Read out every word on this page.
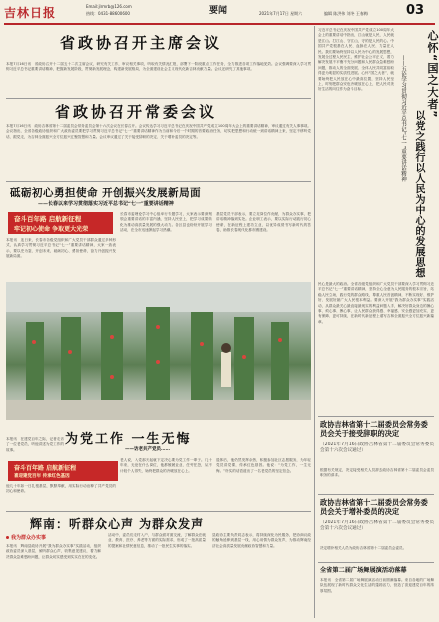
吉林日报	Email:jlrmrb@126.com
热线：0431-88600600	要闻	2021年7月17日 星期六	编辑 陈洪伟 刘冬 王春梅	03
省政协召开主席会议
本报7月16日讯　省政协召开十二届五十二次主席会议，研究有关工作，审议相关事项，听取有关情况汇报，部署下一阶段重点工作任务，全力推进各项工作落地见效。会议强调要深入学习贯彻习近平总书记重要讲话精神，把握新发展阶段，贯彻新发展理念，构建新发展格局，为全面建设社会主义现代化新吉林贡献力量。会议还研究了其他事项。
省政协召开常委会议
本报7月16日讯　政协吉林省第十二届委员会常务委员会第十六次会议在长春召开。会议传达学习习近平总书记在庆祝中国共产党成立100周年大会上的重要讲话精神，审议通过有关人事事项。会议指出，全省各级政协组织和广大政协委员要把学习贯彻习近平总书记“七一”重要讲话精神作为当前和今后一个时期的首要政治任务，切实把思想和行动统一到讲话精神上来，坚定不移听党话、跟党走，为吉林全面振兴全方位振兴汇聚智慧和力量。会议审议通过了关于接受辞职的决定、关于增补委员的决定等。
砥砺初心勇担使命 开创振兴发展新局面
——长春以来学习贯彻落实习近平总书记“七一”重要讲话精神
奋斗百年路 启航新征程
牢记初心使命 争取更大光荣
本报讯　连日来，长春市各级党组织和广大党员干部群众通过多种形式，认真学习贯彻习近平总书记“七一”重要讲话精神，大家一致表示，要以史为鉴、开创未来，砥砺初心、勇担使命，奋力开创振兴发展新局面。
长春市委理论学习中心组举行专题学习，大家表示要深刻领会重要讲话的丰富内涵，坚持人民至上，把学习成果转化为推动高质量发展的强大动力。各区县也纷纷开展学习活动，在全市迅速掀起学习热潮。
基层党员干部表示，要立足岗位作贡献，为群众办实事，把讲话精神落到实处。企业职工表示，要以实际行动践行初心使命，在新征程上建功立业，以优异成绩书写新时代的答卷，助推长春现代化都市圈建设。
为党工作 一生无悔
——访老共产党员……
本报讯　在建党百年之际，记者走访了一位老党员，听他讲述为党工作的故事。
奋斗百年路 启航新征程
喜迎建党百年 传承红色基因
他几十年如一日扎根基层，默默奉献，用实际行动诠释了共产党员的初心和使命。
老人说，入党那天起就下定决心要为党工作一辈子。几十年来，无论在什么岗位，他都兢兢业业、任劳任怨，从不计较个人得失，始终把群众的冷暖放在心上。
退休后，他仍然发挥余热，积极参加社区志愿服务，为年轻党员讲党课，传承红色基因。他说：“为党工作，一生无悔。”朴实的话语道出了一名老党员的坚定信念。
辉南：听群众心声 为群众发声
我为群众办实事
本报讯　辉南县政协开展“我为群众办实事”实践活动，组织政协委员深入基层，倾听群众心声，收集意见建议，着力解决群众急难愁盼问题，让群众切实感受到实实在在的变化。
活动中，委员们走村入户，与群众面对面交流，了解群众在就业、教育、医疗、养老等方面的实际需求，形成了一批高质量的提案和社情民意信息，推动了一批民生实事的落实。
县政协主要负责同志表示，将持续深化为民服务，把协商议政的触角延伸到基层一线，用心用情为群众发声，为推动辉南经济社会高质量发展贡献政协智慧和力量。
习近平总书记在庆祝中国共产党成立100周年大会上的重要讲话中指出，江山就是人民，人民就是江山。打江山、守江山，守的是人民的心。中国共产党根基在人民、血脉在人民、力量在人民。我们要始终坚持以人民为中心的发展思想，发展全过程人民民主，维护社会公平正义，着力解决发展不平衡不充分问题和人民群众急难愁盼问题，推动人的全面发展、全体人民共同富裕取得更为明显的实质性进展。心怀“国之大者”，就要始终把人民放在心中最高位置，坚持人民至上，时刻把群众安危冷暖放在心上，把人民对美好生活的向往作为奋斗目标。	心怀“国之大者”
以党之践行以人民为中心的发展思想
——五论学习贯彻习近平总书记“七一”重要讲话精神
民心是最大的政治。全省各级党组织和广大党员干部要深入学习贯彻习近平总书记“七一”重要讲话精神，坚持全心全意为人民服务的根本宗旨，站稳人民立场，践行党的群众路线，尊重人民首创精神，不断实现好、维护好、发展好最广大人民根本利益。要深入开展“我为群众办实事”实践活动，从群众最关心最直接最现实的利益问题入手，解决好群众身边的操心事、烦心事、揪心事，让人民群众获得感、幸福感、安全感更加充实、更有保障、更可持续，在新时代新征程上谱写吉林全面振兴全方位振兴新篇章。
政协吉林省第十二届委员会常务委员会关于接受辞职的决定
（2021年7月16日政协吉林省第十二届委员会常务委员会第十六次会议通过）
根据有关规定，决定接受相关人员辞去政协吉林省第十二届委员会委员职务的请求。
政协吉林省第十二届委员会常务委员会关于增补委员的决定
（2021年7月16日政协吉林省第十二届委员会常务委员会第十六次会议通过）
决定增补相关人员为政协吉林省第十二届委员会委员。
全省第二届广场舞展演活动落幕
本报讯　全省第二届广场舞展演活动日前圆满落幕。来自各地的广场舞队伍展现了新时代群众文化生活的蓬勃活力，营造了喜迎建党百年的浓厚氛围。
